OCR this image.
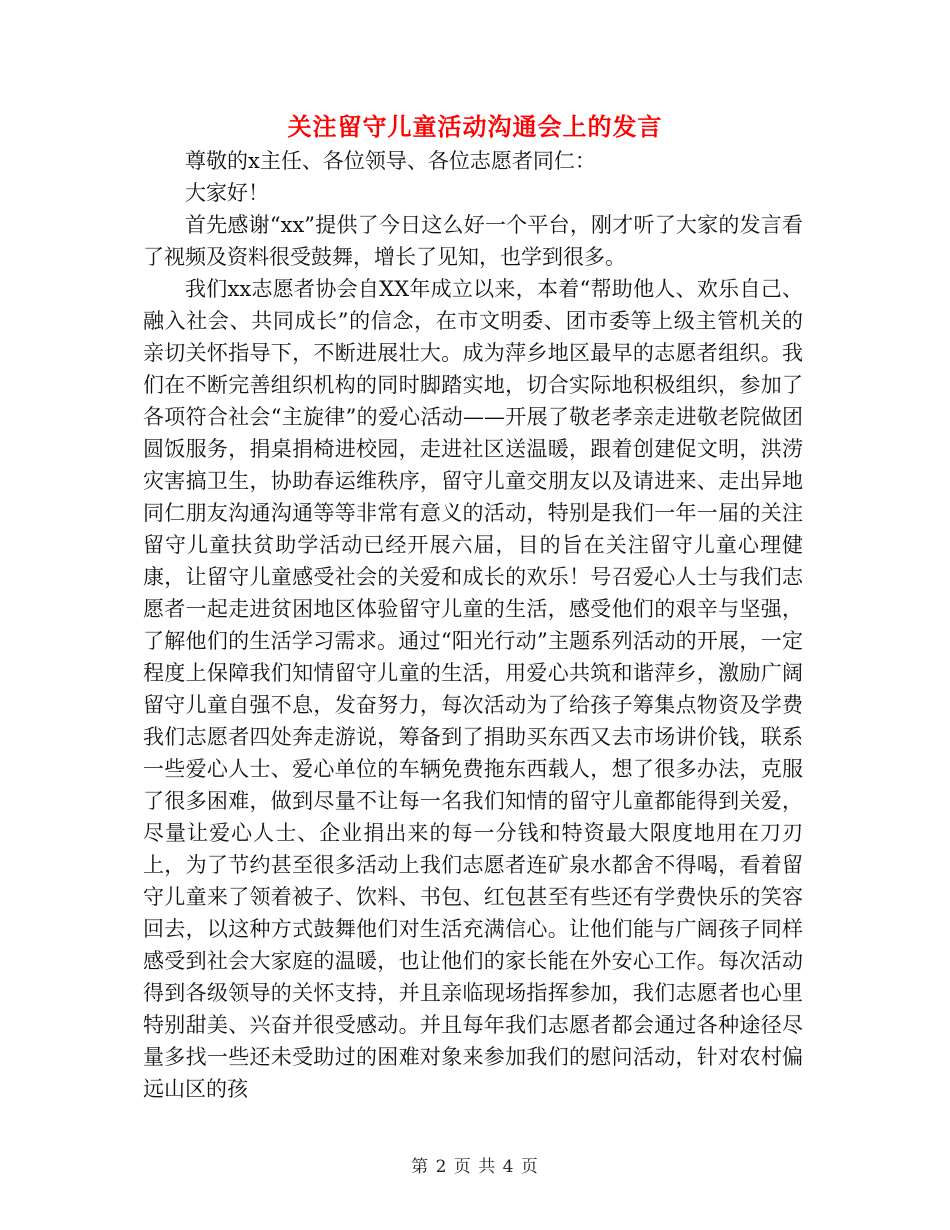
关注留守儿童活动沟通会上的发言

尊敬的x主任、各位领导、各位志愿者同仁：

大家好！

首先感谢“xx”提供了今日这么好一个平台，刚才听了大家的发言看了视频及资料很受鼓舞，增长了见知，也学到很多。

我们xx志愿者协会自XX年成立以来，本着“帮助他人、欢乐自己、融入社会、共同成长”的信念，在市文明委、团市委等上级主管机关的亲切关怀指导下，不断进展壮大。成为萍乡地区最早的志愿者组织。我们在不断完善组织机构的同时脚踏实地，切合实际地积极组织，参加了各项符合社会“主旋律”的爱心活动——开展了敬老孝亲走进敬老院做团圆饭服务，捐桌捐椅进校园，走进社区送温暖，跟着创建促文明，洪涝灾害搞卫生，协助春运维秩序，留守儿童交朋友以及请进来、走出异地同仁朋友沟通沟通等等非常有意义的活动，特别是我们一年一届的关注留守儿童扶贫助学活动已经开展六届，目的旨在关注留守儿童心理健康，让留守儿童感受社会的关爱和成长的欢乐！号召爱心人士与我们志愿者一起走进贫困地区体验留守儿童的生活，感受他们的艰辛与坚强，了解他们的生活学习需求。通过“阳光行动”主题系列活动的开展，一定程度上保障我们知情留守儿童的生活，用爱心共筑和谐萍乡，激励广阔留守儿童自强不息，发奋努力，每次活动为了给孩子筹集点物资及学费我们志愿者四处奔走游说，筹备到了捐助买东西又去市场讲价钱，联系一些爱心人士、爱心单位的车辆免费拖东西载人，想了很多办法，克服了很多困难，做到尽量不让每一名我们知情的留守儿童都能得到关爱，尽量让爱心人士、企业捐出来的每一分钱和特资最大限度地用在刀刃上，为了节约甚至很多活动上我们志愿者连矿泉水都舍不得喝，看着留守儿童来了领着被子、饮料、书包、红包甚至有些还有学费快乐的笑容回去，以这种方式鼓舞他们对生活充满信心。让他们能与广阔孩子同样感受到社会大家庭的温暖，也让他们的家长能在外安心工作。每次活动得到各级领导的关怀支持，并且亲临现场指挥参加，我们志愿者也心里特别甜美、兴奋并很受感动。并且每年我们志愿者都会通过各种途径尽量多找一些还未受助过的困难对象来参加我们的慰问活动，针对农村偏远山区的孩

第 2 页 共 4 页
